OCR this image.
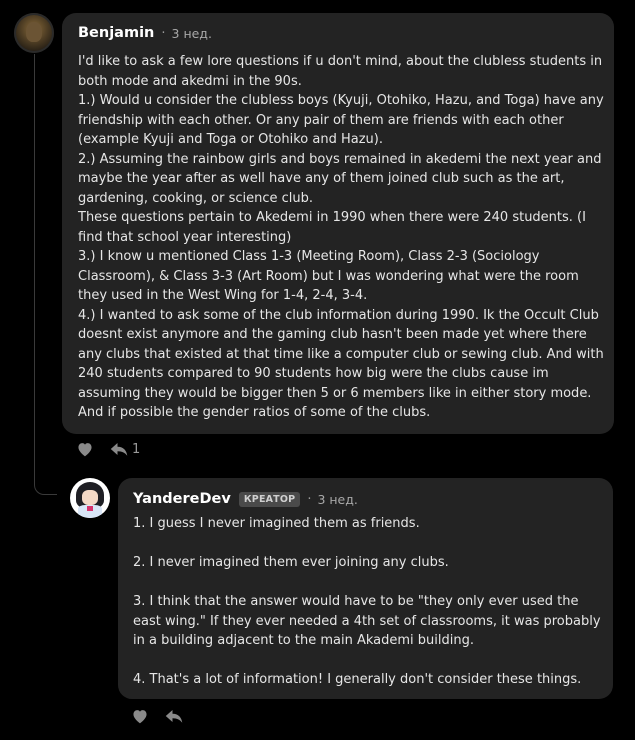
Benjamin · 3 нед.
I'd like to ask a few lore questions if u don't mind, about the clubless students in both mode and akedmi in the 90s.
1.) Would u consider the clubless boys (Kyuji, Otohiko, Hazu, and Toga) have any friendship with each other. Or any pair of them are friends with each other (example Kyuji and Toga or Otohiko and Hazu).
2.) Assuming the rainbow girls and boys remained in akedemi the next year and maybe the year after as well have any of them joined club such as the art, gardening, cooking, or science club.
These questions pertain to Akedemi in 1990 when there were 240 students. (I find that school year interesting)
3.) I know u mentioned Class 1-3 (Meeting Room), Class 2-3 (Sociology Classroom), & Class 3-3 (Art Room) but I was wondering what were the room they used in the West Wing for 1-4, 2-4, 3-4.
4.) I wanted to ask some of the club information during 1990. Ik the Occult Club doesnt exist anymore and the gaming club hasn't been made yet where there any clubs that existed at that time like a computer club or sewing club. And with 240 students compared to 90 students how big were the clubs cause im assuming they would be bigger then 5 or 6 members like in either story mode. And if possible the gender ratios of some of the clubs.
1
YandereDev	КРЕАТОР · 3 нед.
1. I guess I never imagined them as friends.

2. I never imagined them ever joining any clubs.

3. I think that the answer would have to be "they only ever used the east wing." If they ever needed a 4th set of classrooms, it was probably in a building adjacent to the main Akademi building.

4. That's a lot of information! I generally don't consider these things.
